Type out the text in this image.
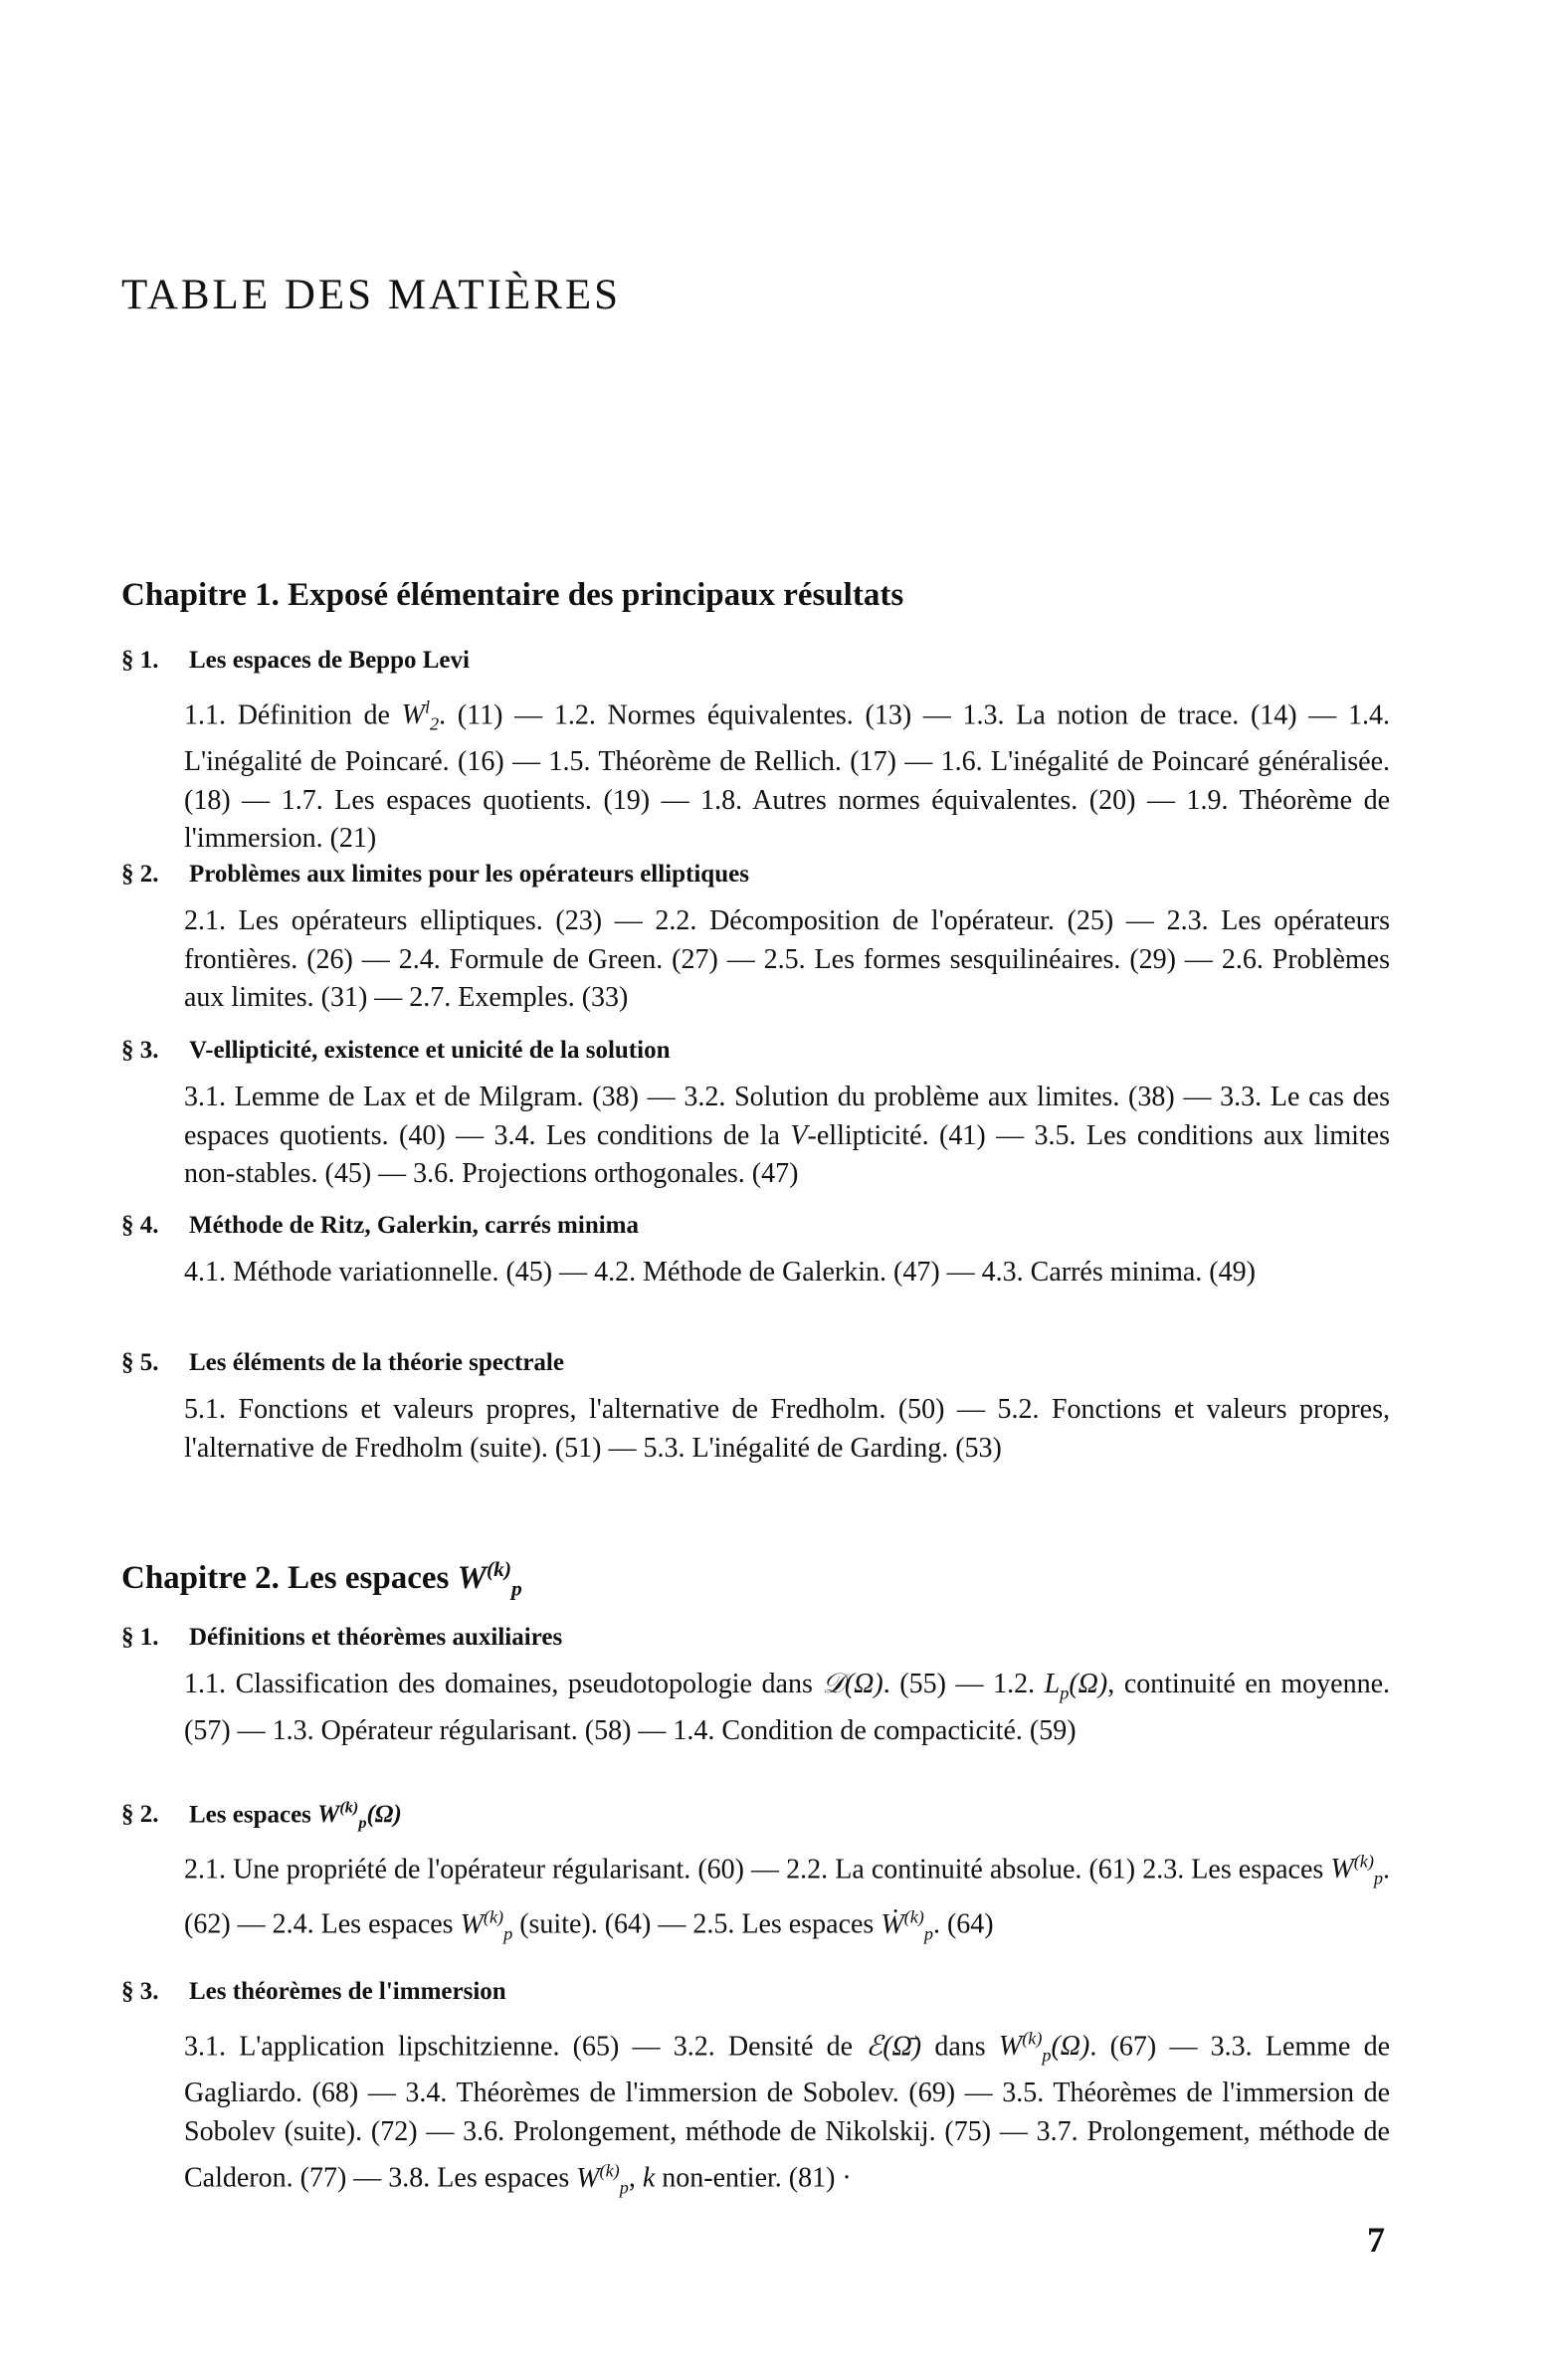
TABLE DES MATIÈRES
Chapitre 1. Exposé élémentaire des principaux résultats
§ 1. Les espaces de Beppo Levi

1.1. Définition de $W^l_2$. (11) — 1.2. Normes équivalentes. (13) — 1.3. La notion de trace. (14) — 1.4. L'inégalité de Poincaré. (16) — 1.5. Théorème de Rellich. (17) — 1.6. L'inégalité de Poincaré généralisée. (18) — 1.7. Les espaces quotients. (19) — 1.8. Autres normes équivalentes. (20) — 1.9. Théorème de l'immersion. (21)

§ 2. Problèmes aux limites pour les opérateurs elliptiques

2.1. Les opérateurs elliptiques. (23) — 2.2. Décomposition de l'opérateur. (25) — 2.3. Les opérateurs frontières. (26) — 2.4. Formule de Green. (27) — 2.5. Les formes sesquilinéaires. (29) — 2.6. Problèmes aux limites. (31) — 2.7. Exemples. (33)

§ 3. V-ellipticité, existence et unicité de la solution

3.1. Lemme de Lax et de Milgram. (38) — 3.2. Solution du problème aux limites. (38) — 3.3. Le cas des espaces quotients. (40) — 3.4. Les conditions de la V-ellipticité. (41) — 3.5. Les conditions aux limites non-stables. (45) — 3.6. Projections orthogonales. (47)

§ 4. Méthode de Ritz, Galerkin, carrés minima

4.1. Méthode variationnelle. (45) — 4.2. Méthode de Galerkin. (47) — 4.3. Carrés minima. (49)

§ 5. Les éléments de la théorie spectrale

5.1. Fonctions et valeurs propres, l'alternative de Fredholm. (50) — 5.2. Fonctions et valeurs propres, l'alternative de Fredholm (suite). (51) — 5.3. L'inégalité de Garding. (53)

Chapitre 2. Les espaces $W^{(k)}_p$
§ 1. Définitions et théorèmes auxiliaires

1.1. Classification des domaines, pseudotopologie dans 𝒟(Ω). (55) — 1.2. $L_p(\Omega)$, continuité en moyenne. (57) — 1.3. Opérateur régularisant. (58) — 1.4. Condition de compacticité. (59)

§ 2. Les espaces $W^{(k)}_p(\Omega)$

2.1. Une propriété de l'opérateur régularisant. (60) — 2.2. La continuité absolue. (61) 2.3. Les espaces $W^{(k)}_p$. (62) — 2.4. Les espaces $W^{(k)}_p$ (suite). (64) — 2.5. Les espaces Ẇ$^{(k)}_p$. (64)

§ 3. Les théorèmes de l'immersion

3.1. L'application lipschitzienne. (65) — 3.2. Densité de ℰ(Ω̄) dans $W^{(k)}_p(\Omega)$. (67) — 3.3. Lemme de Gagliardo. (68) — 3.4. Théorèmes de l'immersion de Sobolev. (69) — 3.5. Théorèmes de l'immersion de Sobolev (suite). (72) — 3.6. Prolongement, méthode de Nikolskij. (75) — 3.7. Prolongement, méthode de Calderon. (77) — 3.8. Les espaces $W^{(k)}_p$, k non-entier. (81) ·

7
